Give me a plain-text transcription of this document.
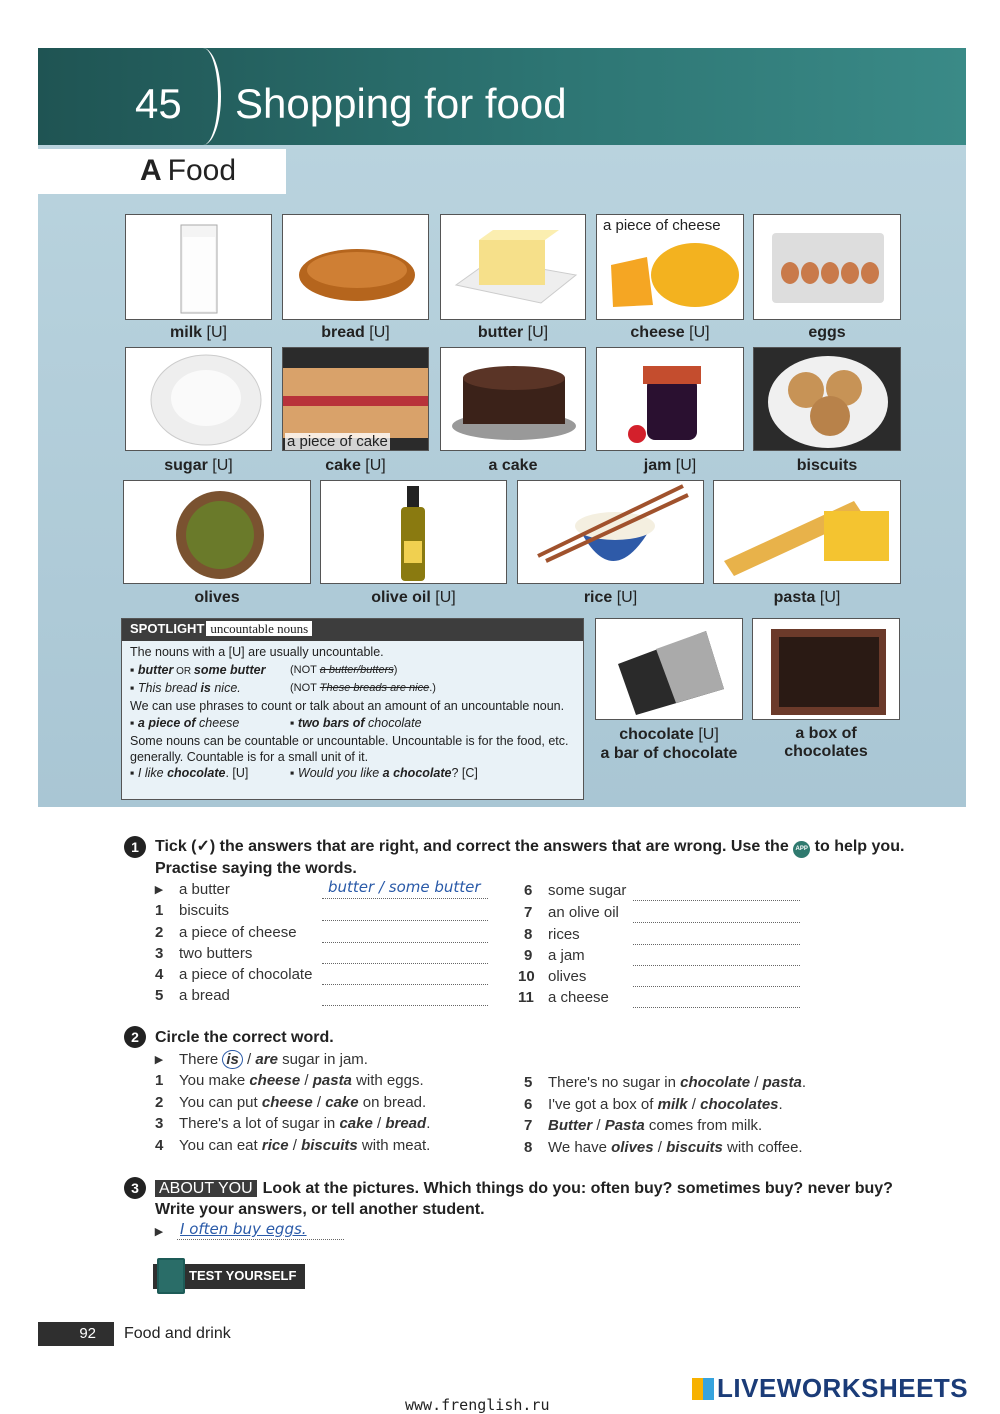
45 Shopping for food
A Food
milk [U]	bread [U]	butter [U]
a piece of cheese
cheese [U]	eggs
sugar [U]
a piece of cake
cake [U]	a cake	jam [U]	biscuits
olives	olive oil [U]	rice [U]	pasta [U]
SPOTLIGHT uncountable nouns
The nouns with a [U] are usually uncountable.
▪ butter OR some butter (NOT a butter/butters)
▪ This bread is nice.	(NOT These breads are nice.)
We can use phrases to count or talk about an amount of an uncountable noun.
▪ a piece of cheese	▪ two bars of chocolate
Some nouns can be countable or uncountable. Uncountable is for the food, etc. generally. Countable is for a small unit of it.
▪ I like chocolate. [U]	▪ Would you like a chocolate? [C]
chocolate [U]
a bar of chocolate
a box of chocolates
1	Tick (✓) the answers that are right, and correct the answers that are wrong. Use the APP to help you.
Practise saying the words.
▸ a butter	butter / some butter
1 biscuits
2 a piece of cheese
3 two butters
4 a piece of chocolate
5 a bread
6 some sugar
7 an olive oil
8 rices
9 a jam
10 olives
11 a cheese
2	Circle the correct word.
▸ There is / are sugar in jam.
1 You make cheese / pasta with eggs.
2 You can put cheese / cake on bread.
3 There's a lot of sugar in cake / bread.
4 You can eat rice / biscuits with meat.
5 There's no sugar in chocolate / pasta.
6 I've got a box of milk / chocolates.
7 Butter / Pasta comes from milk.
8 We have olives / biscuits with coffee.
3	ABOUT YOU Look at the pictures. Which things do you: often buy? sometimes buy? never buy?
Write your answers, or tell another student.
▸	I often buy eggs.
TEST YOURSELF
92	Food and drink
www.frenglish.ru
LIVEWORKSHEETS
